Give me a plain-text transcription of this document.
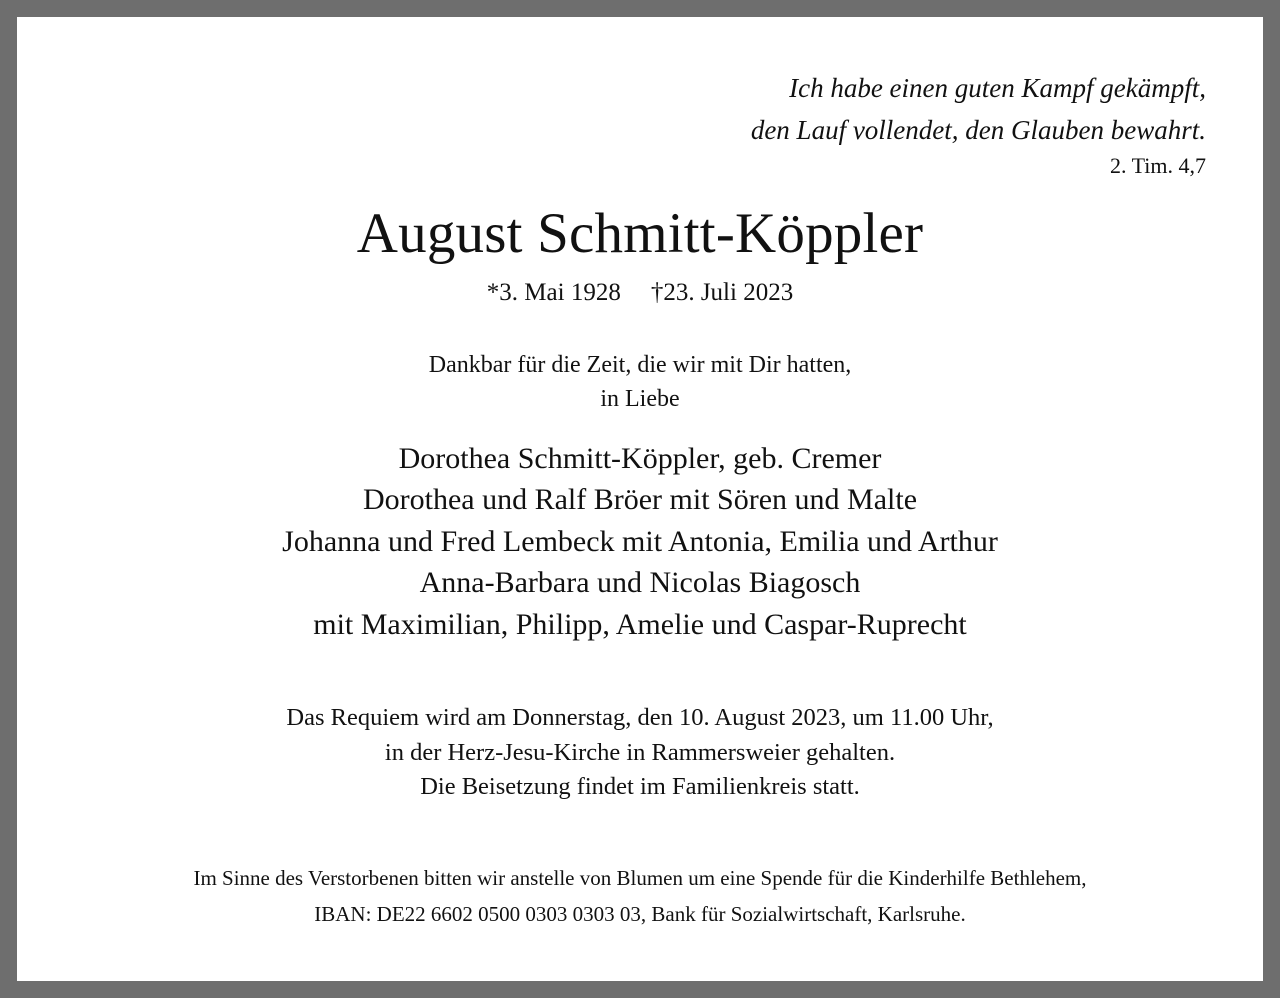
Ich habe einen guten Kampf gekämpft,
den Lauf vollendet, den Glauben bewahrt.
2. Tim. 4,7
August Schmitt-Köppler
*3. Mai 1928 †23. Juli 2023
Dankbar für die Zeit, die wir mit Dir hatten,
in Liebe
Dorothea Schmitt-Köppler, geb. Cremer
Dorothea und Ralf Bröer mit Sören und Malte
Johanna und Fred Lembeck mit Antonia, Emilia und Arthur
Anna-Barbara und Nicolas Biagosch
mit Maximilian, Philipp, Amelie und Caspar-Ruprecht
Das Requiem wird am Donnerstag, den 10. August 2023, um 11.00 Uhr,
in der Herz-Jesu-Kirche in Rammersweier gehalten.
Die Beisetzung findet im Familienkreis statt.
Im Sinne des Verstorbenen bitten wir anstelle von Blumen um eine Spende für die Kinderhilfe Bethlehem,
IBAN: DE22 6602 0500 0303 0303 03, Bank für Sozialwirtschaft, Karlsruhe.
